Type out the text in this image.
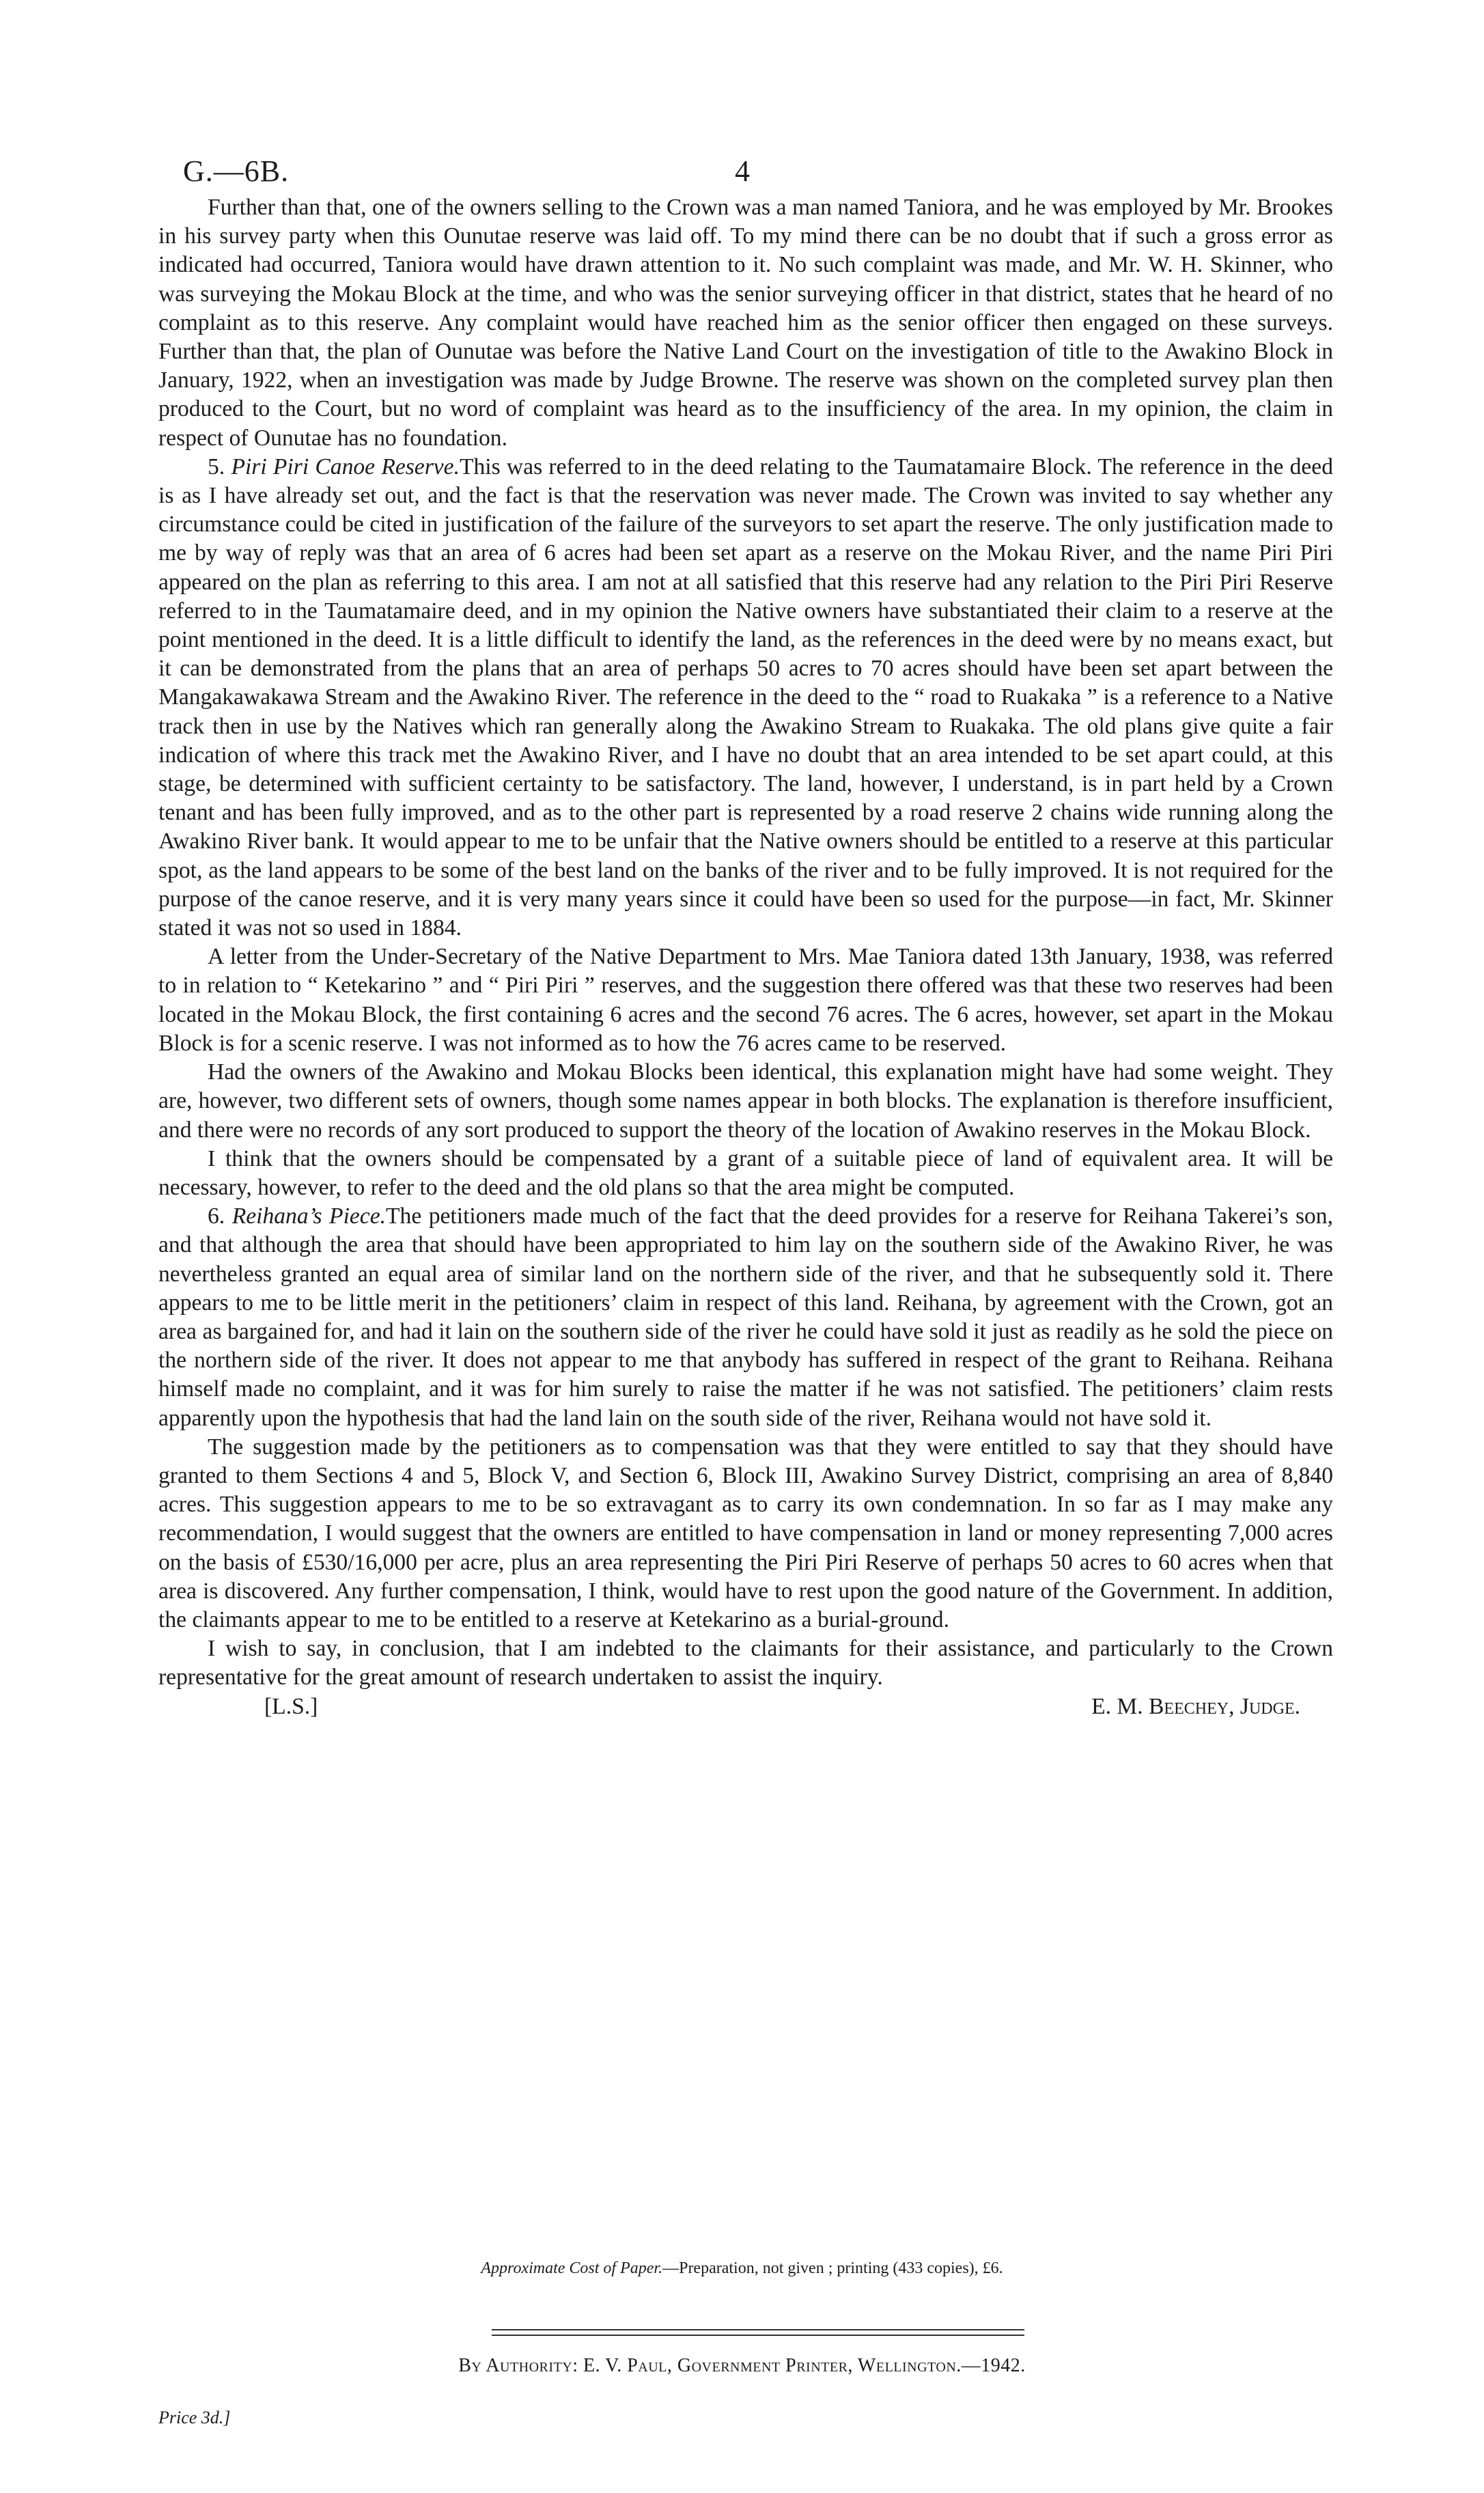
G.—6B.	4

Further than that, one of the owners selling to the Crown was a man named Taniora, and he was employed by Mr. Brookes in his survey party when this Ounutae reserve was laid off. To my mind there can be no doubt that if such a gross error as indicated had occurred, Taniora would have drawn attention to it. No such complaint was made, and Mr. W. H. Skinner, who was surveying the Mokau Block at the time, and who was the senior surveying officer in that district, states that he heard of no complaint as to this reserve. Any complaint would have reached him as the senior officer then engaged on these surveys. Further than that, the plan of Ounutae was before the Native Land Court on the investigation of title to the Awakino Block in January, 1922, when an investigation was made by Judge Browne. The reserve was shown on the completed survey plan then produced to the Court, but no word of complaint was heard as to the insufficiency of the area. In my opinion, the claim in respect of Ounutae has no foundation.

5. Piri Piri Canoe Reserve.This was referred to in the deed relating to the Taumatamaire Block. The reference in the deed is as I have already set out, and the fact is that the reservation was never made. The Crown was invited to say whether any circumstance could be cited in justification of the failure of the surveyors to set apart the reserve. The only justification made to me by way of reply was that an area of 6 acres had been set apart as a reserve on the Mokau River, and the name Piri Piri appeared on the plan as referring to this area. I am not at all satisfied that this reserve had any relation to the Piri Piri Reserve referred to in the Taumatamaire deed, and in my opinion the Native owners have substantiated their claim to a reserve at the point mentioned in the deed. It is a little difficult to identify the land, as the references in the deed were by no means exact, but it can be demonstrated from the plans that an area of perhaps 50 acres to 70 acres should have been set apart between the Mangakawakawa Stream and the Awakino River. The reference in the deed to the “ road to Ruakaka ” is a reference to a Native track then in use by the Natives which ran generally along the Awakino Stream to Ruakaka. The old plans give quite a fair indication of where this track met the Awakino River, and I have no doubt that an area intended to be set apart could, at this stage, be determined with sufficient certainty to be satisfactory. The land, however, I understand, is in part held by a Crown tenant and has been fully improved, and as to the other part is represented by a road reserve 2 chains wide running along the Awakino River bank. It would appear to me to be unfair that the Native owners should be entitled to a reserve at this particular spot, as the land appears to be some of the best land on the banks of the river and to be fully improved. It is not required for the purpose of the canoe reserve, and it is very many years since it could have been so used for the purpose—in fact, Mr. Skinner stated it was not so used in 1884.

A letter from the Under-Secretary of the Native Department to Mrs. Mae Taniora dated 13th January, 1938, was referred to in relation to “ Ketekarino ” and “ Piri Piri ” reserves, and the suggestion there offered was that these two reserves had been located in the Mokau Block, the first containing 6 acres and the second 76 acres. The 6 acres, however, set apart in the Mokau Block is for a scenic reserve. I was not informed as to how the 76 acres came to be reserved.

Had the owners of the Awakino and Mokau Blocks been identical, this explanation might have had some weight. They are, however, two different sets of owners, though some names appear in both blocks. The explanation is therefore insufficient, and there were no records of any sort produced to support the theory of the location of Awakino reserves in the Mokau Block.

I think that the owners should be compensated by a grant of a suitable piece of land of equivalent area. It will be necessary, however, to refer to the deed and the old plans so that the area might be computed.

6. Reihana’s Piece.The petitioners made much of the fact that the deed provides for a reserve for Reihana Takerei’s son, and that although the area that should have been appropriated to him lay on the southern side of the Awakino River, he was nevertheless granted an equal area of similar land on the northern side of the river, and that he subsequently sold it. There appears to me to be little merit in the petitioners’ claim in respect of this land. Reihana, by agreement with the Crown, got an area as bargained for, and had it lain on the southern side of the river he could have sold it just as readily as he sold the piece on the northern side of the river. It does not appear to me that anybody has suffered in respect of the grant to Reihana. Reihana himself made no complaint, and it was for him surely to raise the matter if he was not satisfied. The petitioners’ claim rests apparently upon the hypothesis that had the land lain on the south side of the river, Reihana would not have sold it.

The suggestion made by the petitioners as to compensation was that they were entitled to say that they should have granted to them Sections 4 and 5, Block V, and Section 6, Block III, Awakino Survey District, comprising an area of 8,840 acres. This suggestion appears to me to be so extravagant as to carry its own condemnation. In so far as I may make any recommendation, I would suggest that the owners are entitled to have compensation in land or money representing 7,000 acres on the basis of £530/16,000 per acre, plus an area representing the Piri Piri Reserve of perhaps 50 acres to 60 acres when that area is discovered. Any further compensation, I think, would have to rest upon the good nature of the Government. In addition, the claimants appear to me to be entitled to a reserve at Ketekarino as a burial-ground.

I wish to say, in conclusion, that I am indebted to the claimants for their assistance, and particularly to the Crown representative for the great amount of research undertaken to assist the inquiry.

[L.S.]	E. M. Beechey, Judge.
Approximate Cost of Paper.—Preparation, not given ; printing (433 copies), £6.
By Authority: E. V. Paul, Government Printer, Wellington.—1942.
Price 3d.]
